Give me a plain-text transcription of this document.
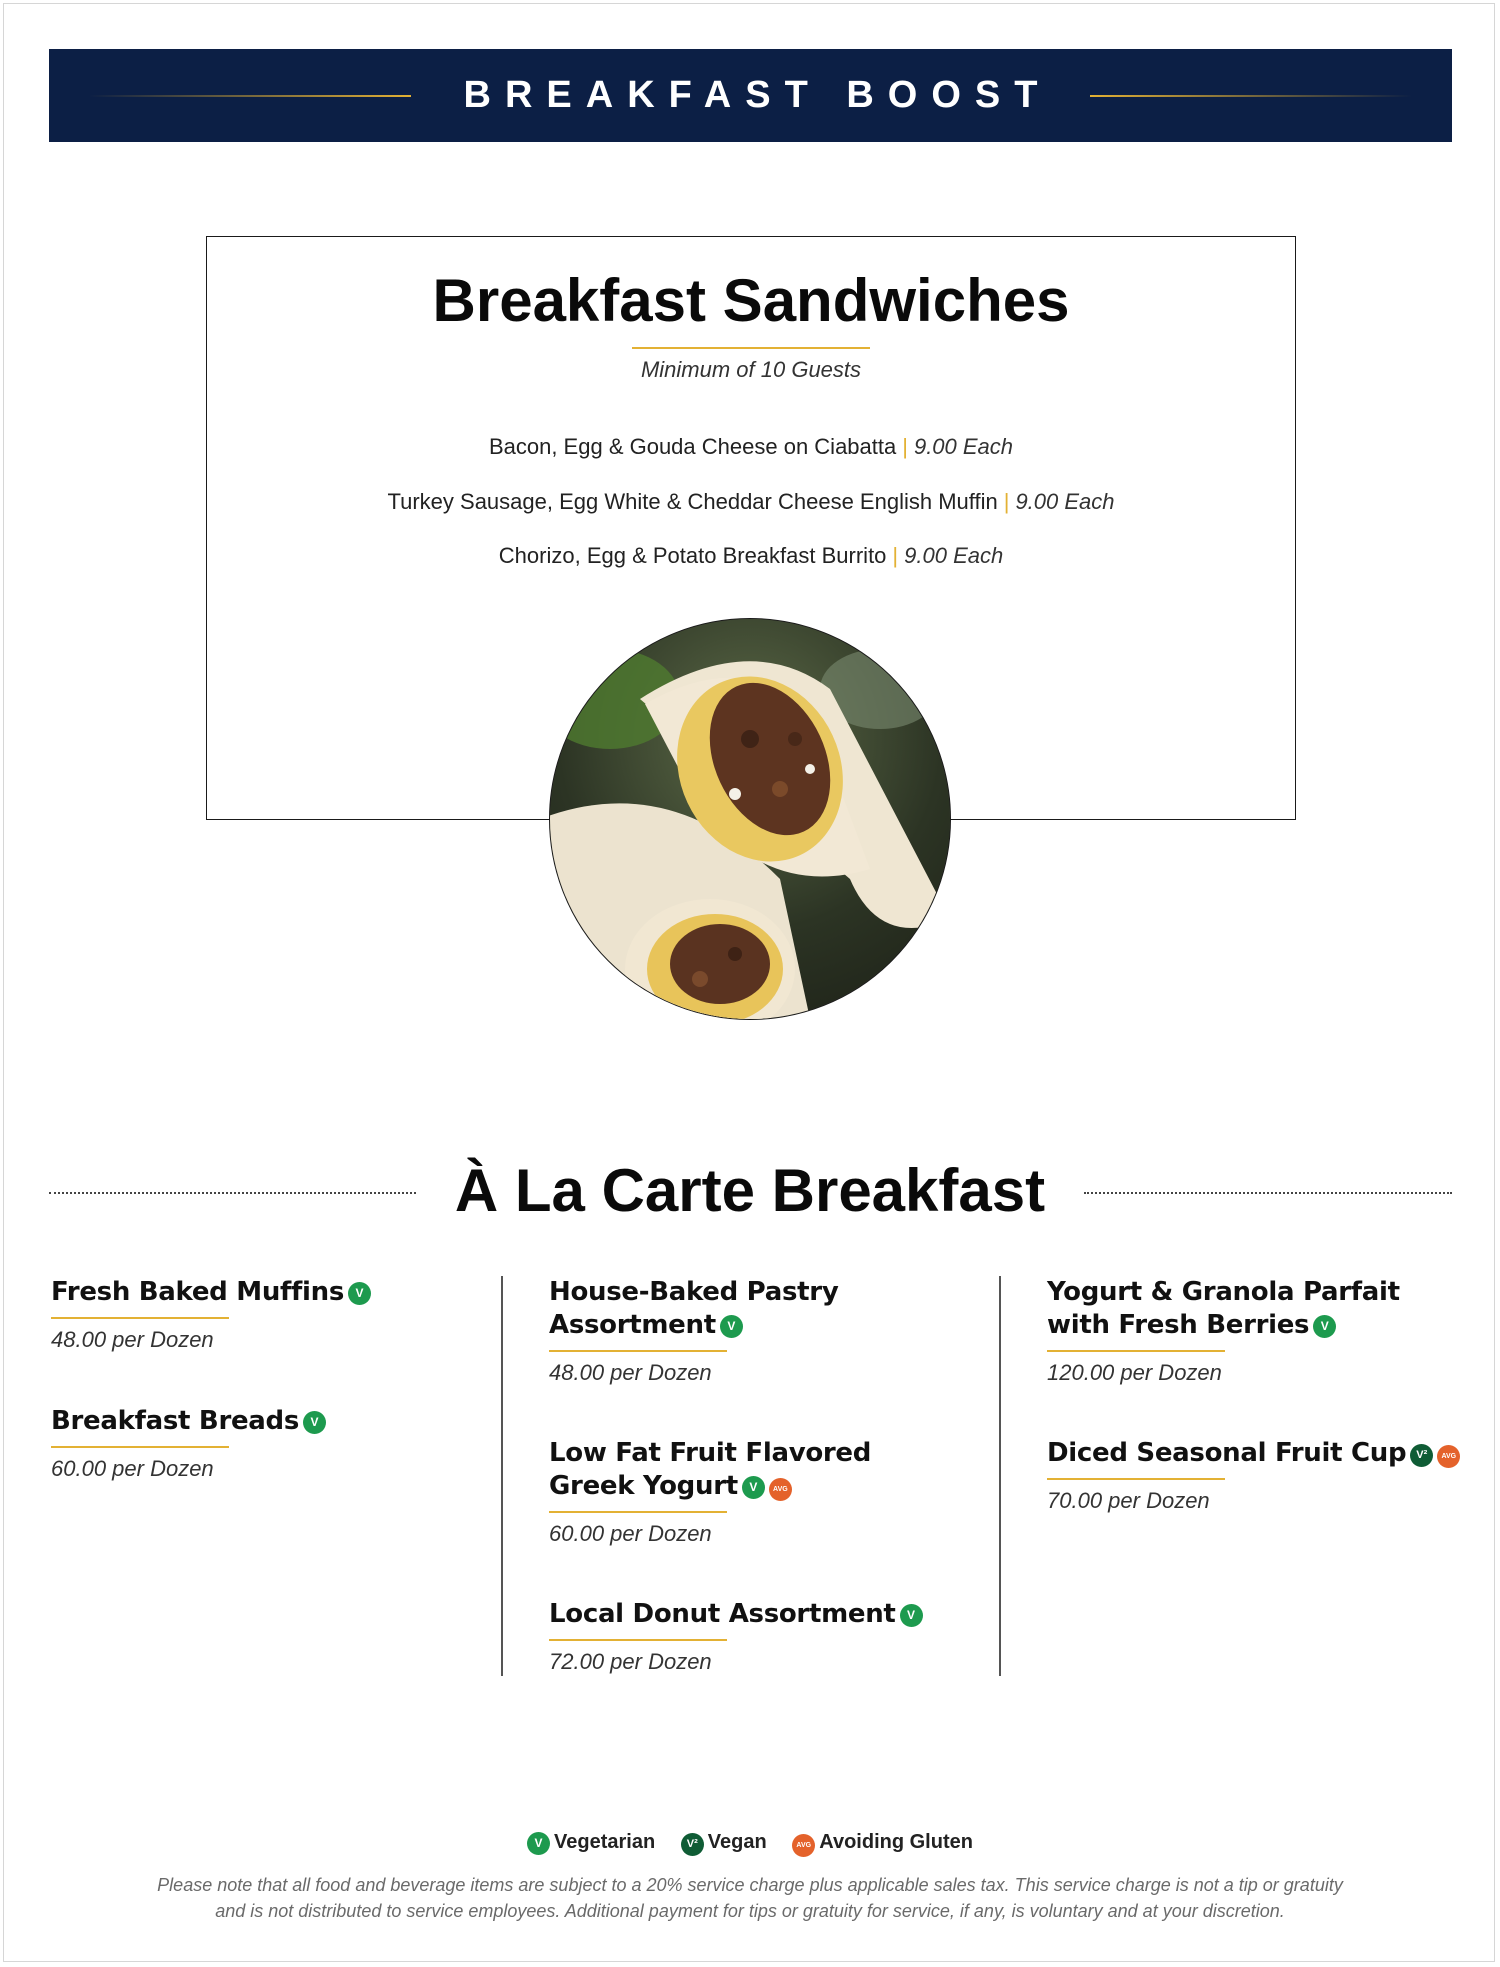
BREAKFAST BOOST
Breakfast Sandwiches
Minimum of 10 Guests
Bacon, Egg & Gouda Cheese on Ciabatta | 9.00 Each
Turkey Sausage, Egg White & Cheddar Cheese English Muffin | 9.00 Each
Chorizo, Egg & Potato Breakfast Burrito | 9.00 Each
À La Carte Breakfast
Fresh Baked Muffins V
48.00 per Dozen
Breakfast Breads V
60.00 per Dozen
House-Baked Pastry
Assortment V
48.00 per Dozen
Low Fat Fruit Flavored
Greek Yogurt V AVG
60.00 per Dozen
Local Donut Assortment V
72.00 per Dozen
Yogurt & Granola Parfait
with Fresh Berries V
120.00 per Dozen
Diced Seasonal Fruit Cup V² AVG
70.00 per Dozen
V Vegetarian	V² Vegan	AVG Avoiding Gluten
Please note that all food and beverage items are subject to a 20% service charge plus applicable sales tax. This service charge is not a tip or gratuity
and is not distributed to service employees. Additional payment for tips or gratuity for service, if any, is voluntary and at your discretion.
